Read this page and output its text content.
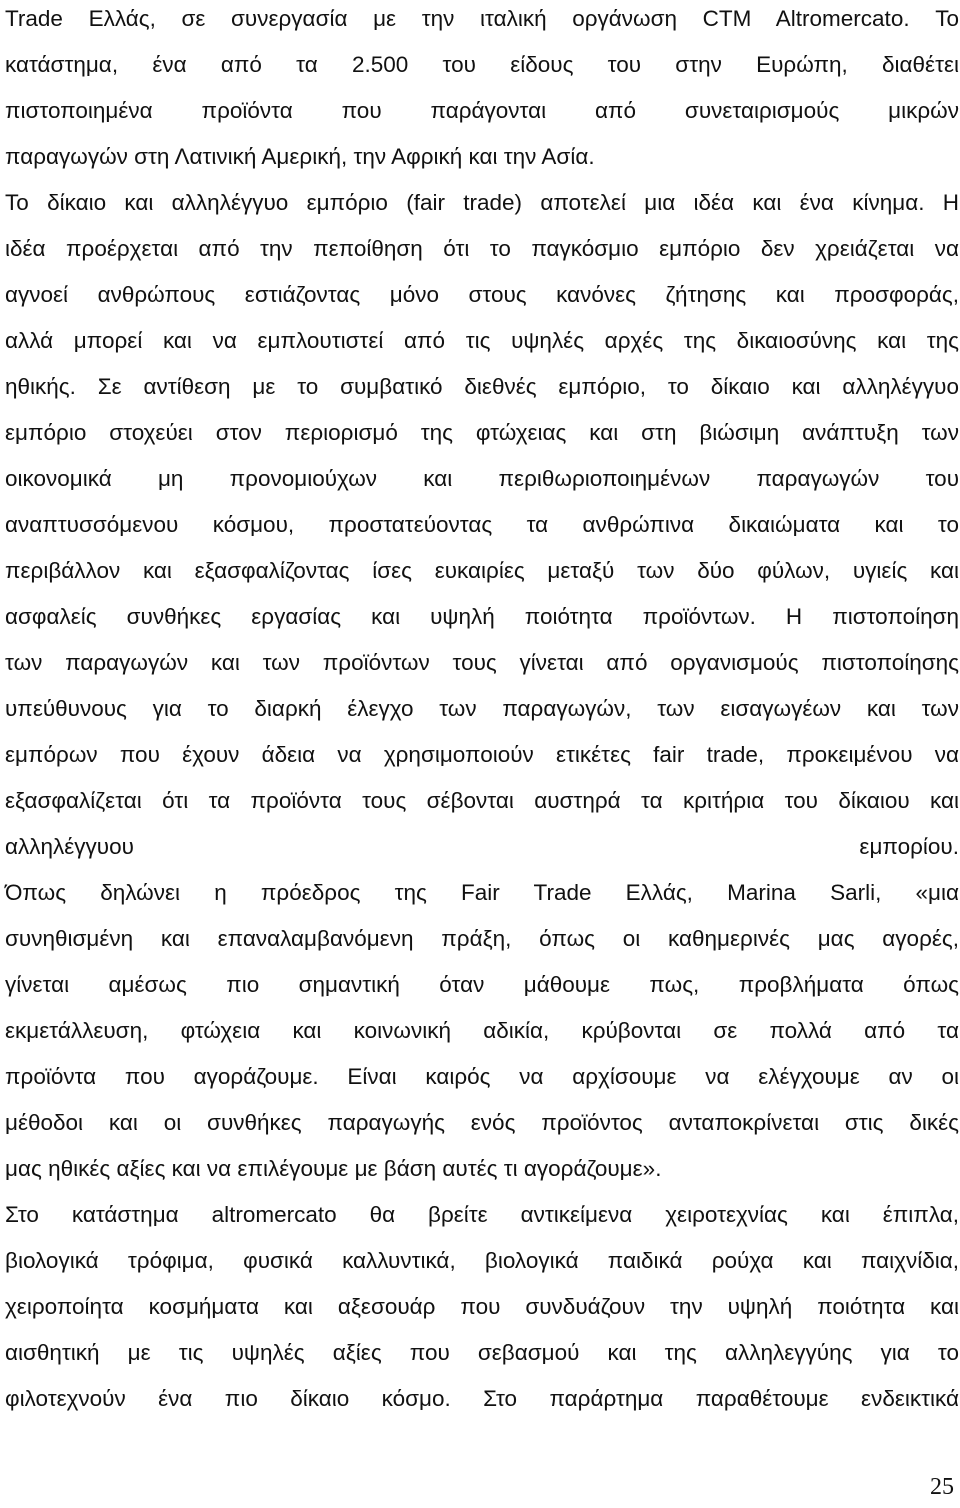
Trade Ελλάς, σε συνεργασία με την ιταλική οργάνωση CTM Altromercato. Το
κατάστημα, ένα από τα 2.500 του είδους του στην Ευρώπη, διαθέτει
πιστοποιημένα προϊόντα που παράγονται από συνεταιρισμούς μικρών
παραγωγών στη Λατινική Αμερική, την Αφρική και την Ασία.
Το δίκαιο και αλληλέγγυο εμπόριο (fair trade) αποτελεί μια ιδέα και ένα κίνημα. Η
ιδέα προέρχεται από την πεποίθηση ότι το παγκόσμιο εμπόριο δεν χρειάζεται να
αγνοεί ανθρώπους εστιάζοντας μόνο στους κανόνες ζήτησης και προσφοράς,
αλλά μπορεί και να εμπλουτιστεί από τις υψηλές αρχές της δικαιοσύνης και της
ηθικής. Σε αντίθεση με το συμβατικό διεθνές εμπόριο, το δίκαιο και αλληλέγγυο
εμπόριο στοχεύει στον περιορισμό της φτώχειας και στη βιώσιμη ανάπτυξη των
οικονομικά μη προνομιούχων και περιθωριοποιημένων παραγωγών του
αναπτυσσόμενου κόσμου, προστατεύοντας τα ανθρώπινα δικαιώματα και το
περιβάλλον και εξασφαλίζοντας ίσες ευκαιρίες μεταξύ των δύο φύλων, υγιείς και
ασφαλείς συνθήκες εργασίας και υψηλή ποιότητα προϊόντων. Η πιστοποίηση
των παραγωγών και των προϊόντων τους γίνεται από οργανισμούς πιστοποίησης
υπεύθυνους για το διαρκή έλεγχο των παραγωγών, των εισαγωγέων και των
εμπόρων που έχουν άδεια να χρησιμοποιούν ετικέτες fair trade, προκειμένου να
εξασφαλίζεται ότι τα προϊόντα τους σέβονται αυστηρά τα κριτήρια του δίκαιου και
αλληλέγγυου εμπορίου.
Όπως δηλώνει η πρόεδρος της Fair Trade Ελλάς, Marina Sarli, «μια
συνηθισμένη και επαναλαμβανόμενη πράξη, όπως οι καθημερινές μας αγορές,
γίνεται αμέσως πιο σημαντική όταν μάθουμε πως, προβλήματα όπως
εκμετάλλευση, φτώχεια και κοινωνική αδικία, κρύβονται σε πολλά από τα
προϊόντα που αγοράζουμε. Είναι καιρός να αρχίσουμε να ελέγχουμε αν οι
μέθοδοι και οι συνθήκες παραγωγής ενός προϊόντος ανταποκρίνεται στις δικές
μας ηθικές αξίες και να επιλέγουμε με βάση αυτές τι αγοράζουμε».
Στο κατάστημα altromercato θα βρείτε αντικείμενα χειροτεχνίας και έπιπλα,
βιολογικά τρόφιμα, φυσικά καλλυντικά, βιολογικά παιδικά ρούχα και παιχνίδια,
χειροποίητα κοσμήματα και αξεσουάρ που συνδυάζουν την υψηλή ποιότητα και
αισθητική με τις υψηλές αξίες που σεβασμού και της αλληλεγγύης για το
φιλοτεχνούν ένα πιο δίκαιο κόσμο. Στο παράρτημα παραθέτουμε ενδεικτικά
25
